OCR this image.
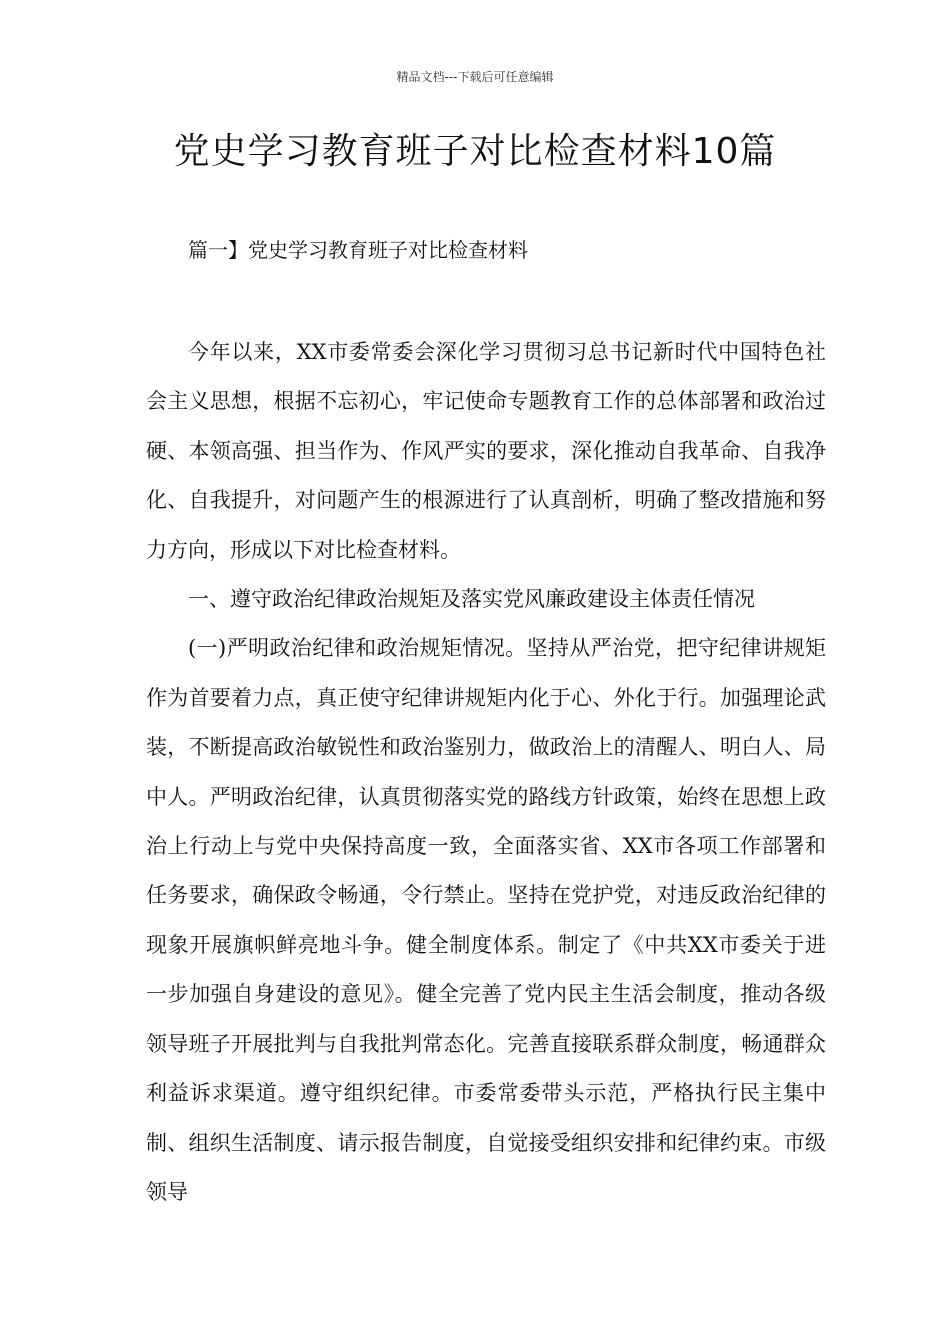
精品文档---下载后可任意编辑
党史学习教育班子对比检查材料10篇
篇一】党史学习教育班子对比检查材料

今年以来，XX市委常委会深化学习贯彻习总书记新时代中国特色社会主义思想，根据不忘初心，牢记使命专题教育工作的总体部署和政治过硬、本领高强、担当作为、作风严实的要求，深化推动自我革命、自我净化、自我提升，对问题产生的根源进行了认真剖析，明确了整改措施和努力方向，形成以下对比检查材料。

一、遵守政治纪律政治规矩及落实党风廉政建设主体责任情况

(一)严明政治纪律和政治规矩情况。坚持从严治党，把守纪律讲规矩作为首要着力点，真正使守纪律讲规矩内化于心、外化于行。加强理论武装，不断提高政治敏锐性和政治鉴别力，做政治上的清醒人、明白人、局中人。严明政治纪律，认真贯彻落实党的路线方针政策，始终在思想上政治上行动上与党中央保持高度一致，全面落实省、XX市各项工作部署和任务要求，确保政令畅通，令行禁止。坚持在党护党，对违反政治纪律的现象开展旗帜鲜亮地斗争。健全制度体系。制定了《中共XX市委关于进一步加强自身建设的意见》。健全完善了党内民主生活会制度，推动各级领导班子开展批判与自我批判常态化。完善直接联系群众制度，畅通群众利益诉求渠道。遵守组织纪律。市委常委带头示范，严格执行民主集中制、组织生活制度、请示报告制度，自觉接受组织安排和纪律约束。市级领导
